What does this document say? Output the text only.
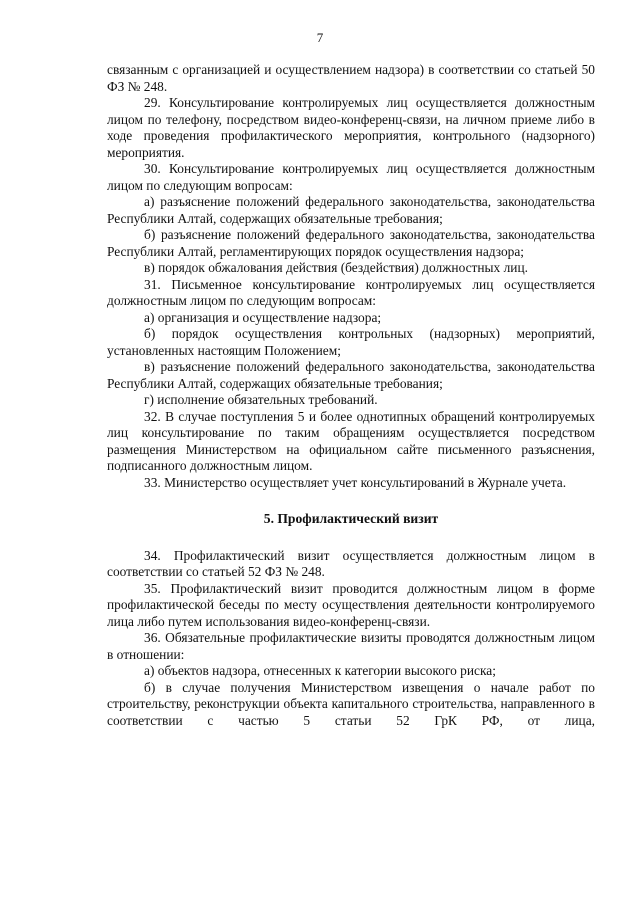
7

связанным с организацией и осуществлением надзора) в соответствии со статьей 50 ФЗ № 248.

29. Консультирование контролируемых лиц осуществляется должностным лицом по телефону, посредством видео-конференц-связи, на личном приеме либо в ходе проведения профилактического мероприятия, контрольного (надзорного) мероприятия.

30. Консультирование контролируемых лиц осуществляется должностным лицом по следующим вопросам:

а) разъяснение положений федерального законодательства, законодательства Республики Алтай, содержащих обязательные требования;

б) разъяснение положений федерального законодательства, законодательства Республики Алтай, регламентирующих порядок осуществления надзора;

в) порядок обжалования действия (бездействия) должностных лиц.

31. Письменное консультирование контролируемых лиц осуществляется должностным лицом по следующим вопросам:

а) организация и осуществление надзора;

б) порядок осуществления контрольных (надзорных) мероприятий, установленных настоящим Положением;

в) разъяснение положений федерального законодательства, законодательства Республики Алтай, содержащих обязательные требования;

г) исполнение обязательных требований.

32. В случае поступления 5 и более однотипных обращений контролируемых лиц консультирование по таким обращениям осуществляется посредством размещения Министерством на официальном сайте письменного разъяснения, подписанного должностным лицом.

33. Министерство осуществляет учет консультирований в Журнале учета.

5. Профилактический визит

34. Профилактический визит осуществляется должностным лицом в соответствии со статьей 52 ФЗ № 248.

35. Профилактический визит проводится должностным лицом в форме профилактической беседы по месту осуществления деятельности контролируемого лица либо путем использования видео-конференц-связи.

36. Обязательные профилактические визиты проводятся должностным лицом в отношении:

а) объектов надзора, отнесенных к категории высокого риска;

б) в случае получения Министерством извещения о начале работ по строительству, реконструкции объекта капитального строительства, направленного в соответствии с частью 5 статьи 52 ГрК РФ, от лица,
